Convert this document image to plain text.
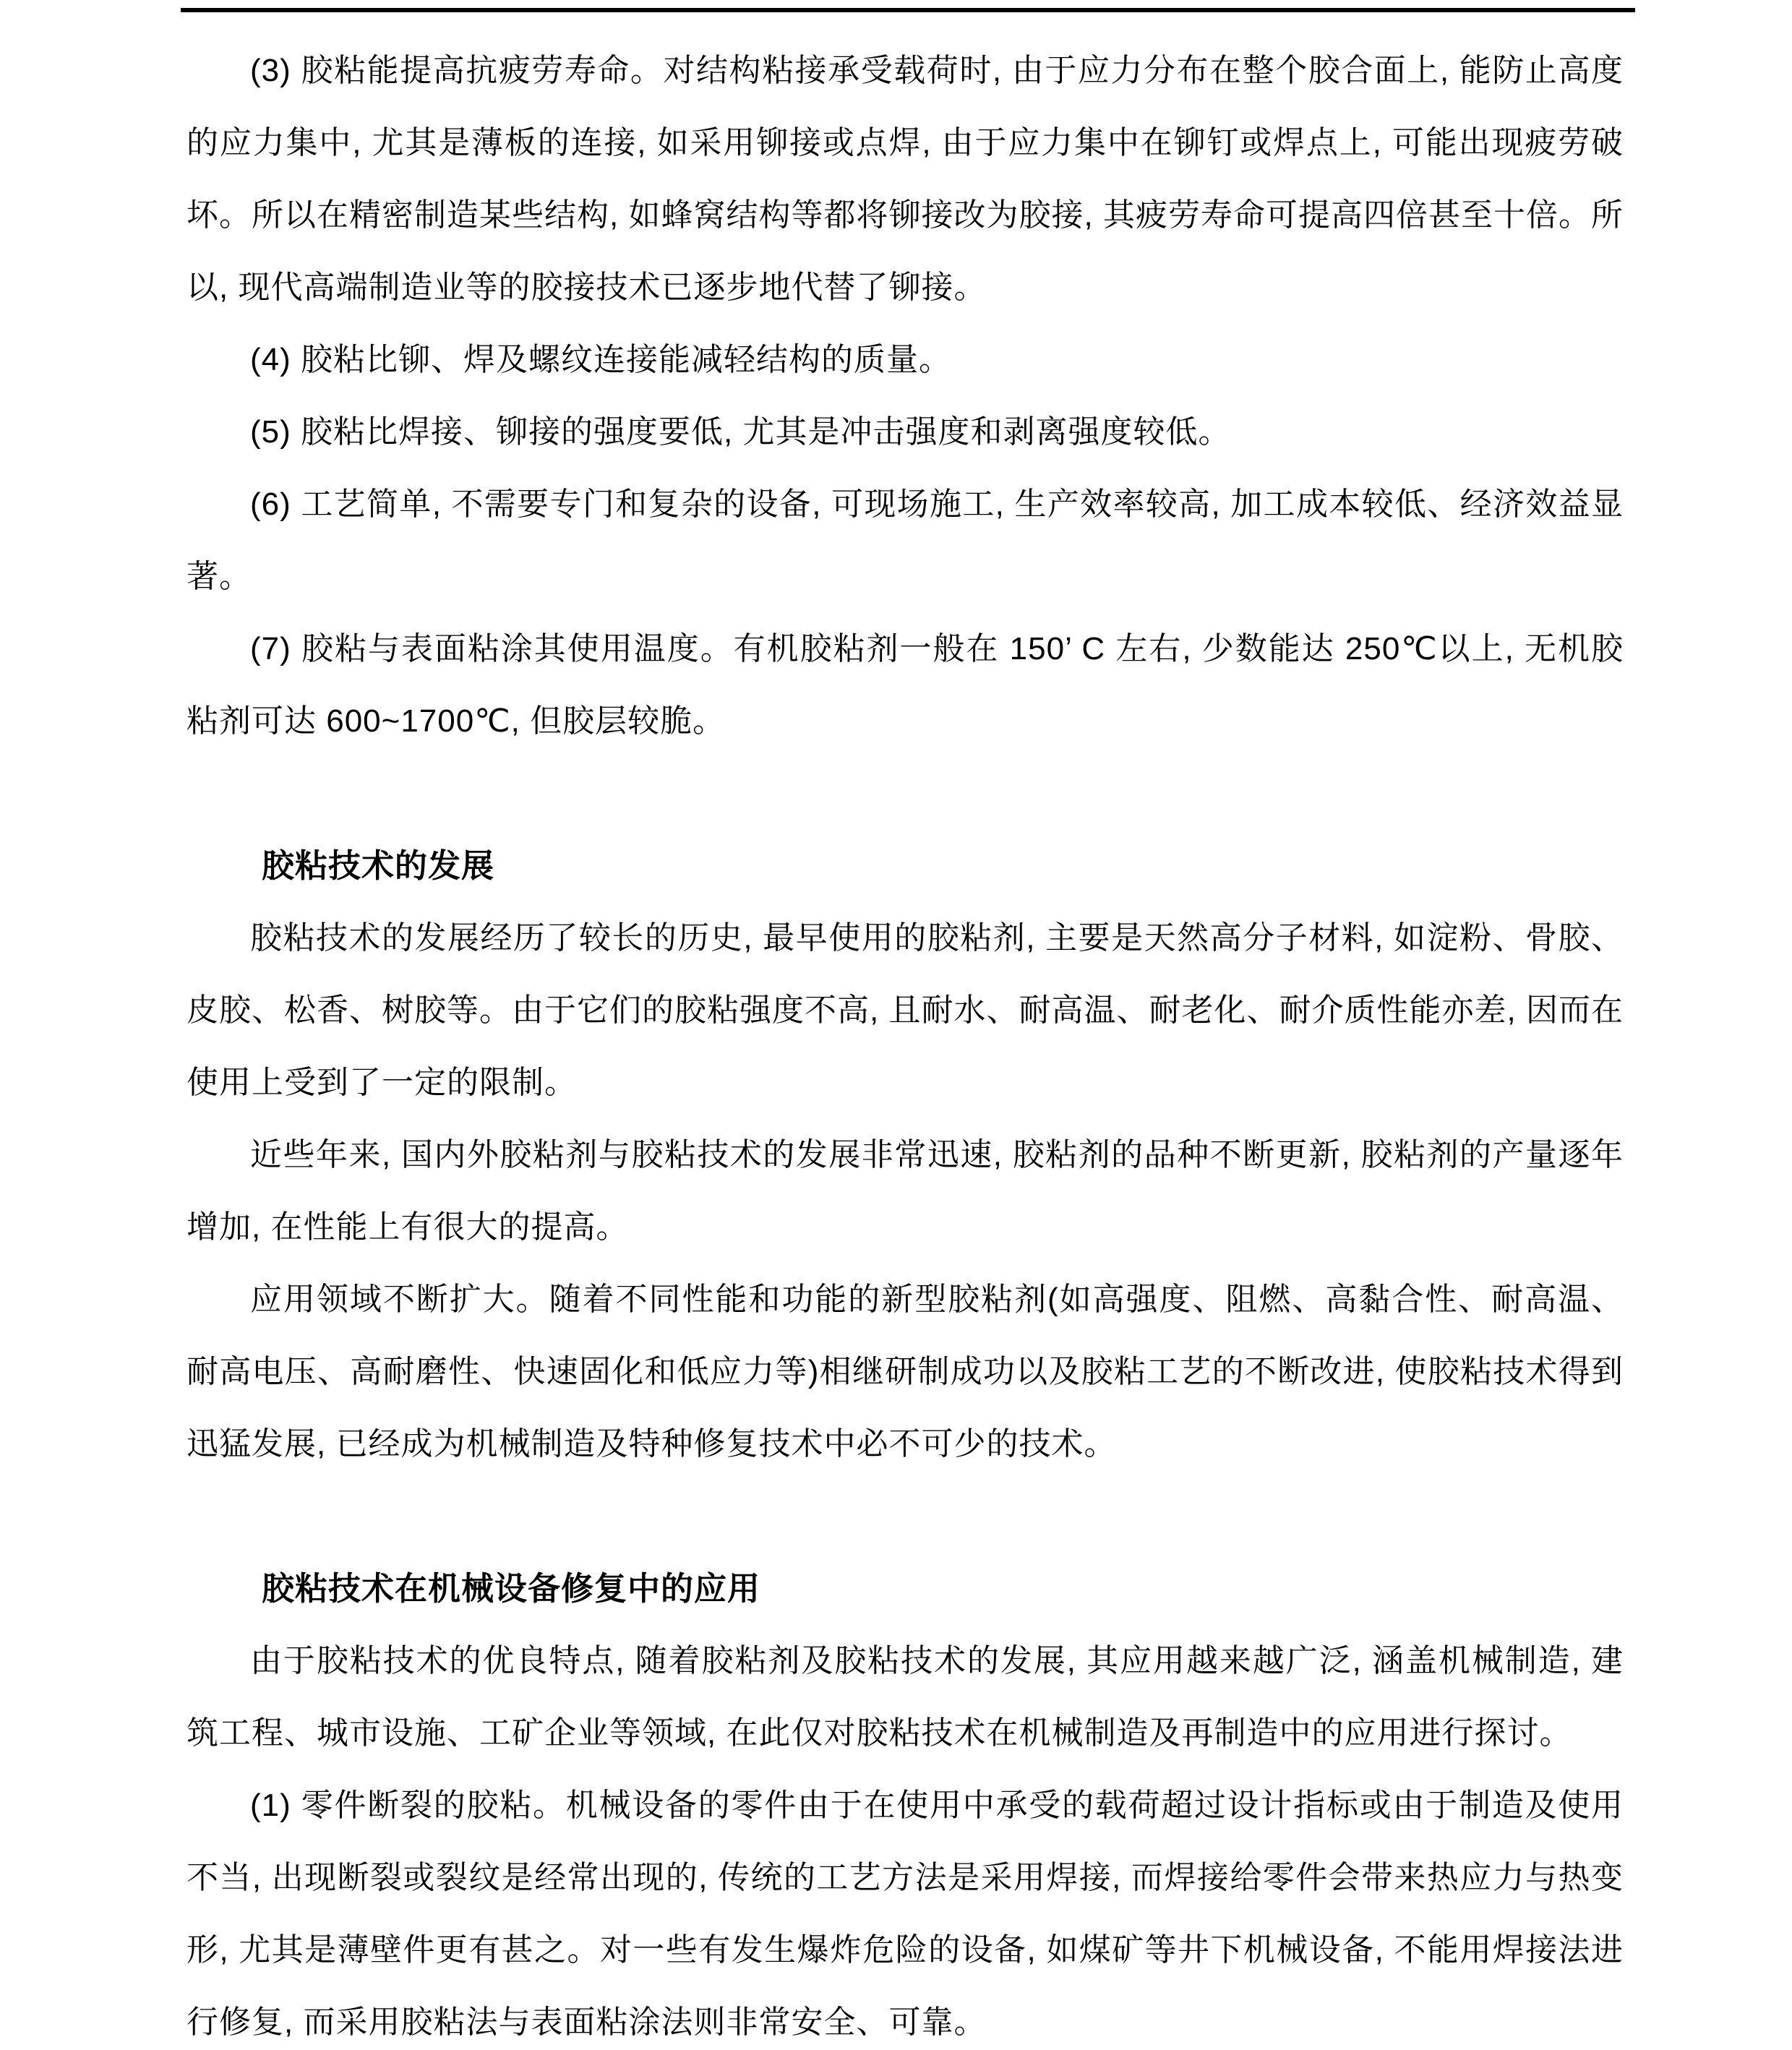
(3) 胶粘能提高抗疲劳寿命。对结构粘接承受载荷时, 由于应力分布在整个胶合面上, 能防止高度的应力集中, 尤其是薄板的连接, 如采用铆接或点焊, 由于应力集中在铆钉或焊点上, 可能出现疲劳破坏。所以在精密制造某些结构, 如蜂窝结构等都将铆接改为胶接, 其疲劳寿命可提高四倍甚至十倍。所以, 现代高端制造业等的胶接技术已逐步地代替了铆接。

(4) 胶粘比铆、焊及螺纹连接能减轻结构的质量。

(5) 胶粘比焊接、铆接的强度要低, 尤其是冲击强度和剥离强度较低。

(6) 工艺简单, 不需要专门和复杂的设备, 可现场施工, 生产效率较高, 加工成本较低、经济效益显著。

(7) 胶粘与表面粘涂其使用温度。有机胶粘剂一般在 150’ C 左右, 少数能达 250℃以上, 无机胶粘剂可达 600~1700℃, 但胶层较脆。

胶粘技术的发展

胶粘技术的发展经历了较长的历史, 最早使用的胶粘剂, 主要是天然高分子材料, 如淀粉、骨胶、皮胶、松香、树胶等。由于它们的胶粘强度不高, 且耐水、耐高温、耐老化、耐介质性能亦差, 因而在使用上受到了一定的限制。

近些年来, 国内外胶粘剂与胶粘技术的发展非常迅速, 胶粘剂的品种不断更新, 胶粘剂的产量逐年增加, 在性能上有很大的提高。

应用领域不断扩大。随着不同性能和功能的新型胶粘剂(如高强度、阻燃、高黏合性、耐高温、耐高电压、高耐磨性、快速固化和低应力等)相继研制成功以及胶粘工艺的不断改进, 使胶粘技术得到迅猛发展, 已经成为机械制造及特种修复技术中必不可少的技术。

胶粘技术在机械设备修复中的应用

由于胶粘技术的优良特点, 随着胶粘剂及胶粘技术的发展, 其应用越来越广泛, 涵盖机械制造, 建筑工程、城市设施、工矿企业等领域, 在此仅对胶粘技术在机械制造及再制造中的应用进行探讨。

(1) 零件断裂的胶粘。机械设备的零件由于在使用中承受的载荷超过设计指标或由于制造及使用不当, 出现断裂或裂纹是经常出现的, 传统的工艺方法是采用焊接, 而焊接给零件会带来热应力与热变形, 尤其是薄壁件更有甚之。对一些有发生爆炸危险的设备, 如煤矿等井下机械设备, 不能用焊接法进行修复, 而采用胶粘法与表面粘涂法则非常安全、可靠。
